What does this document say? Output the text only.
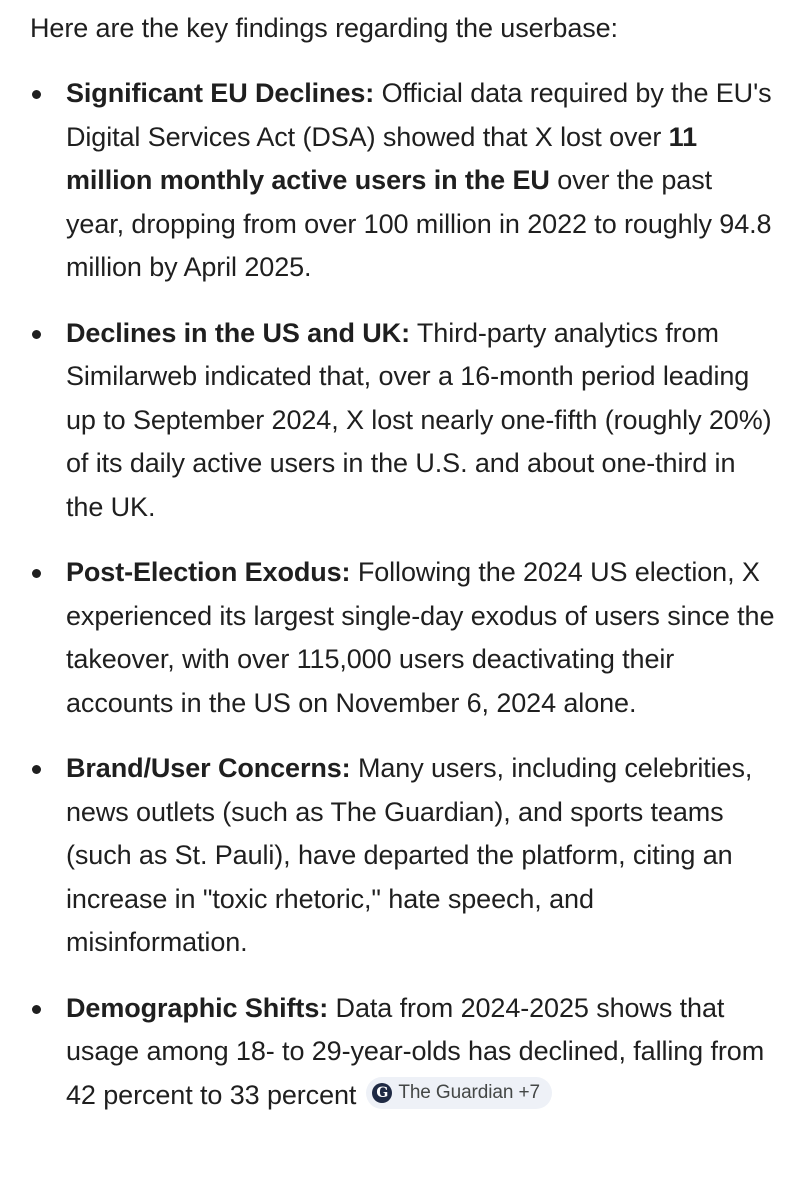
Here are the key findings regarding the userbase:

Significant EU Declines: Official data required by the EU's Digital Services Act (DSA) showed that X lost over 11 million monthly active users in the EU over the past year, dropping from over 100 million in 2022 to roughly 94.8 million by April 2025.
Declines in the US and UK: Third-party analytics from Similarweb indicated that, over a 16-month period leading up to September 2024, X lost nearly one-fifth (roughly 20%) of its daily active users in the U.S. and about one-third in the UK.
Post-Election Exodus: Following the 2024 US election, X experienced its largest single-day exodus of users since the takeover, with over 115,000 users deactivating their accounts in the US on November 6, 2024 alone.
Brand/User Concerns: Many users, including celebrities, news outlets (such as The Guardian), and sports teams (such as St. Pauli), have departed the platform, citing an increase in "toxic rhetoric," hate speech, and misinformation.
Demographic Shifts: Data from 2024-2025 shows that usage among 18- to 29-year-olds has declined, falling from 42 percent to 33 percent G The Guardian +7
